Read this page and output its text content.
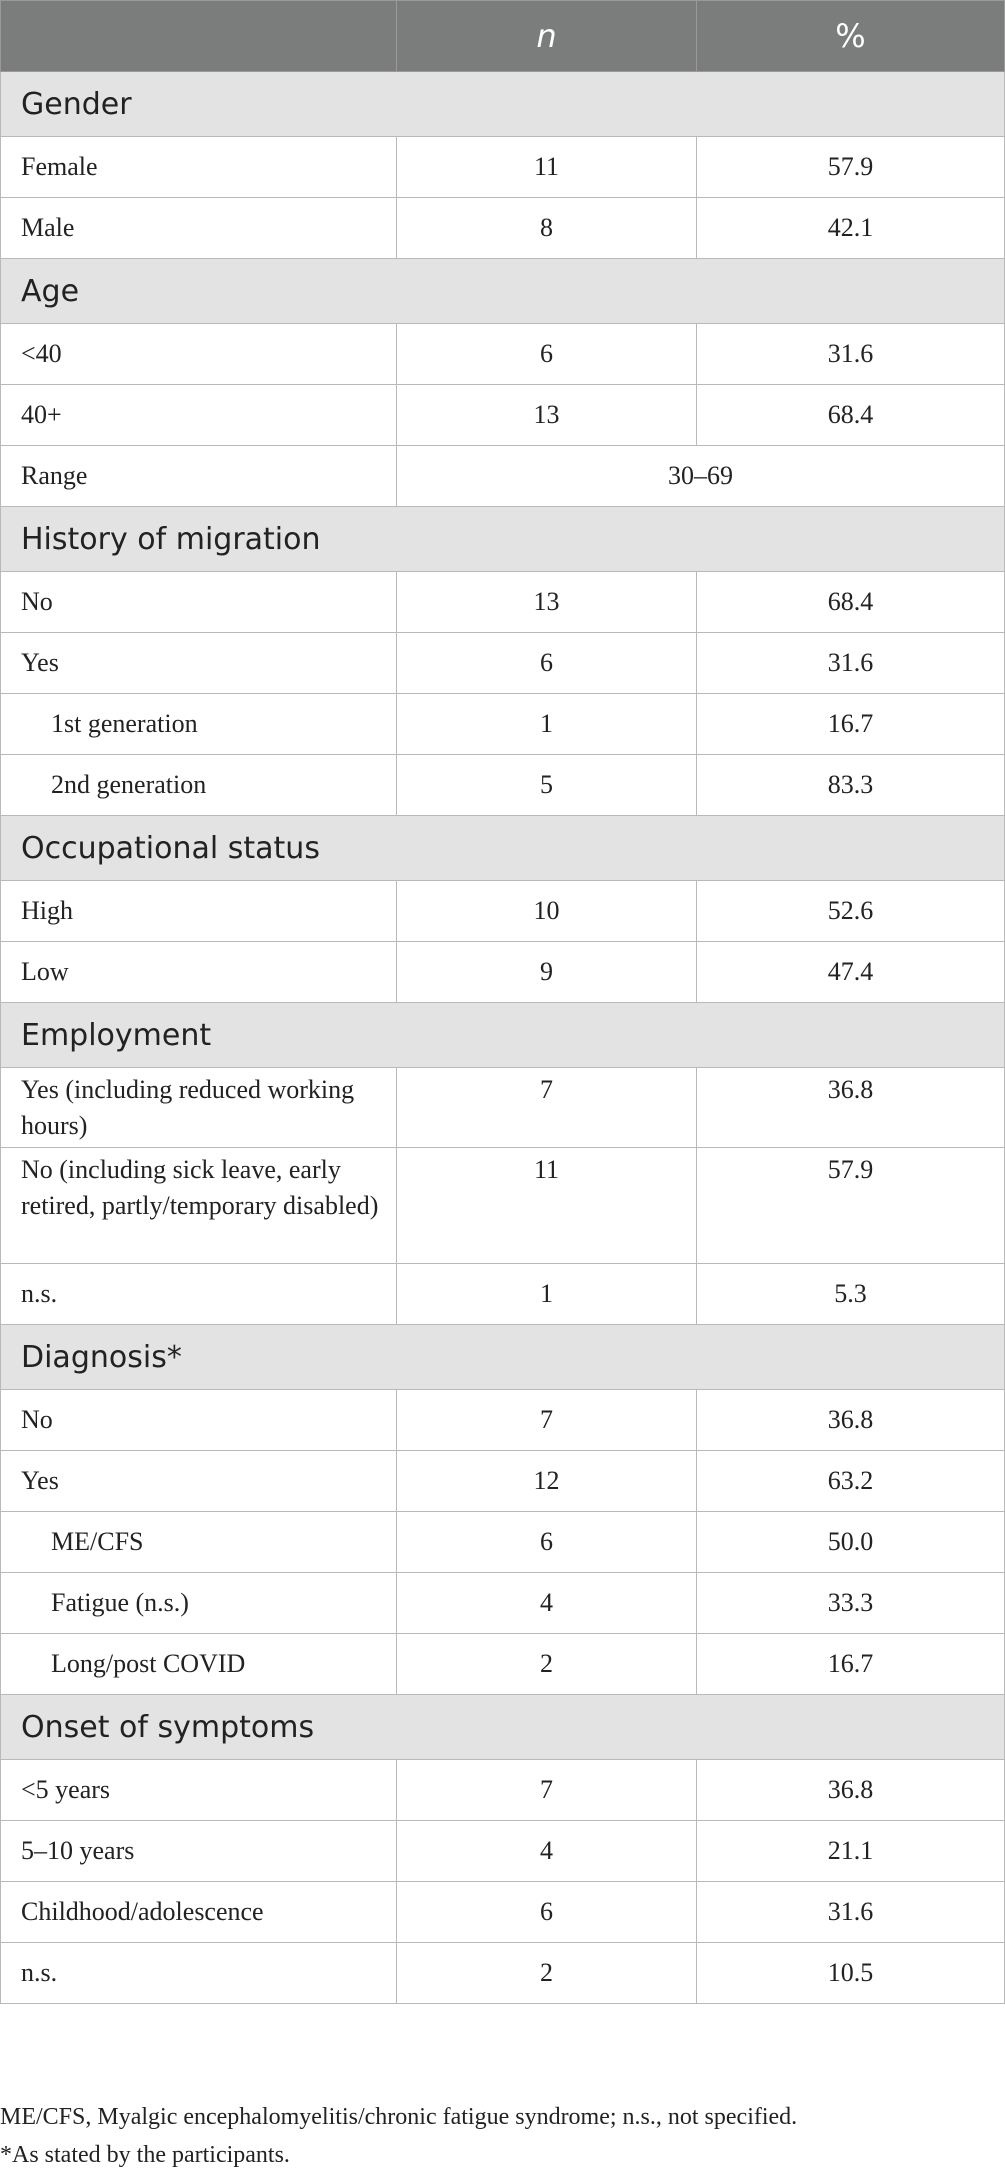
	n	%
Gender		
Female	11	57.9
Male	8	42.1
Age		
<40	6	31.6
40+	13	68.4
Range	30–69	
History of migration		
No	13	68.4
Yes	6	31.6
1st generation	1	16.7
2nd generation	5	83.3
Occupational status		
High	10	52.6
Low	9	47.4
Employment		
Yes (including reduced working hours)	7	36.8
No (including sick leave, early retired, partly/temporary disabled)	11	57.9
n.s.	1	5.3
Diagnosis*		
No	7	36.8
Yes	12	63.2
ME/CFS	6	50.0
Fatigue (n.s.)	4	33.3
Long/post COVID	2	16.7
Onset of symptoms		
<5 years	7	36.8
5–10 years	4	21.1
Childhood/adolescence	6	31.6
n.s.	2	10.5
ME/CFS, Myalgic encephalomyelitis/chronic fatigue syndrome; n.s., not specified.
*As stated by the participants.
